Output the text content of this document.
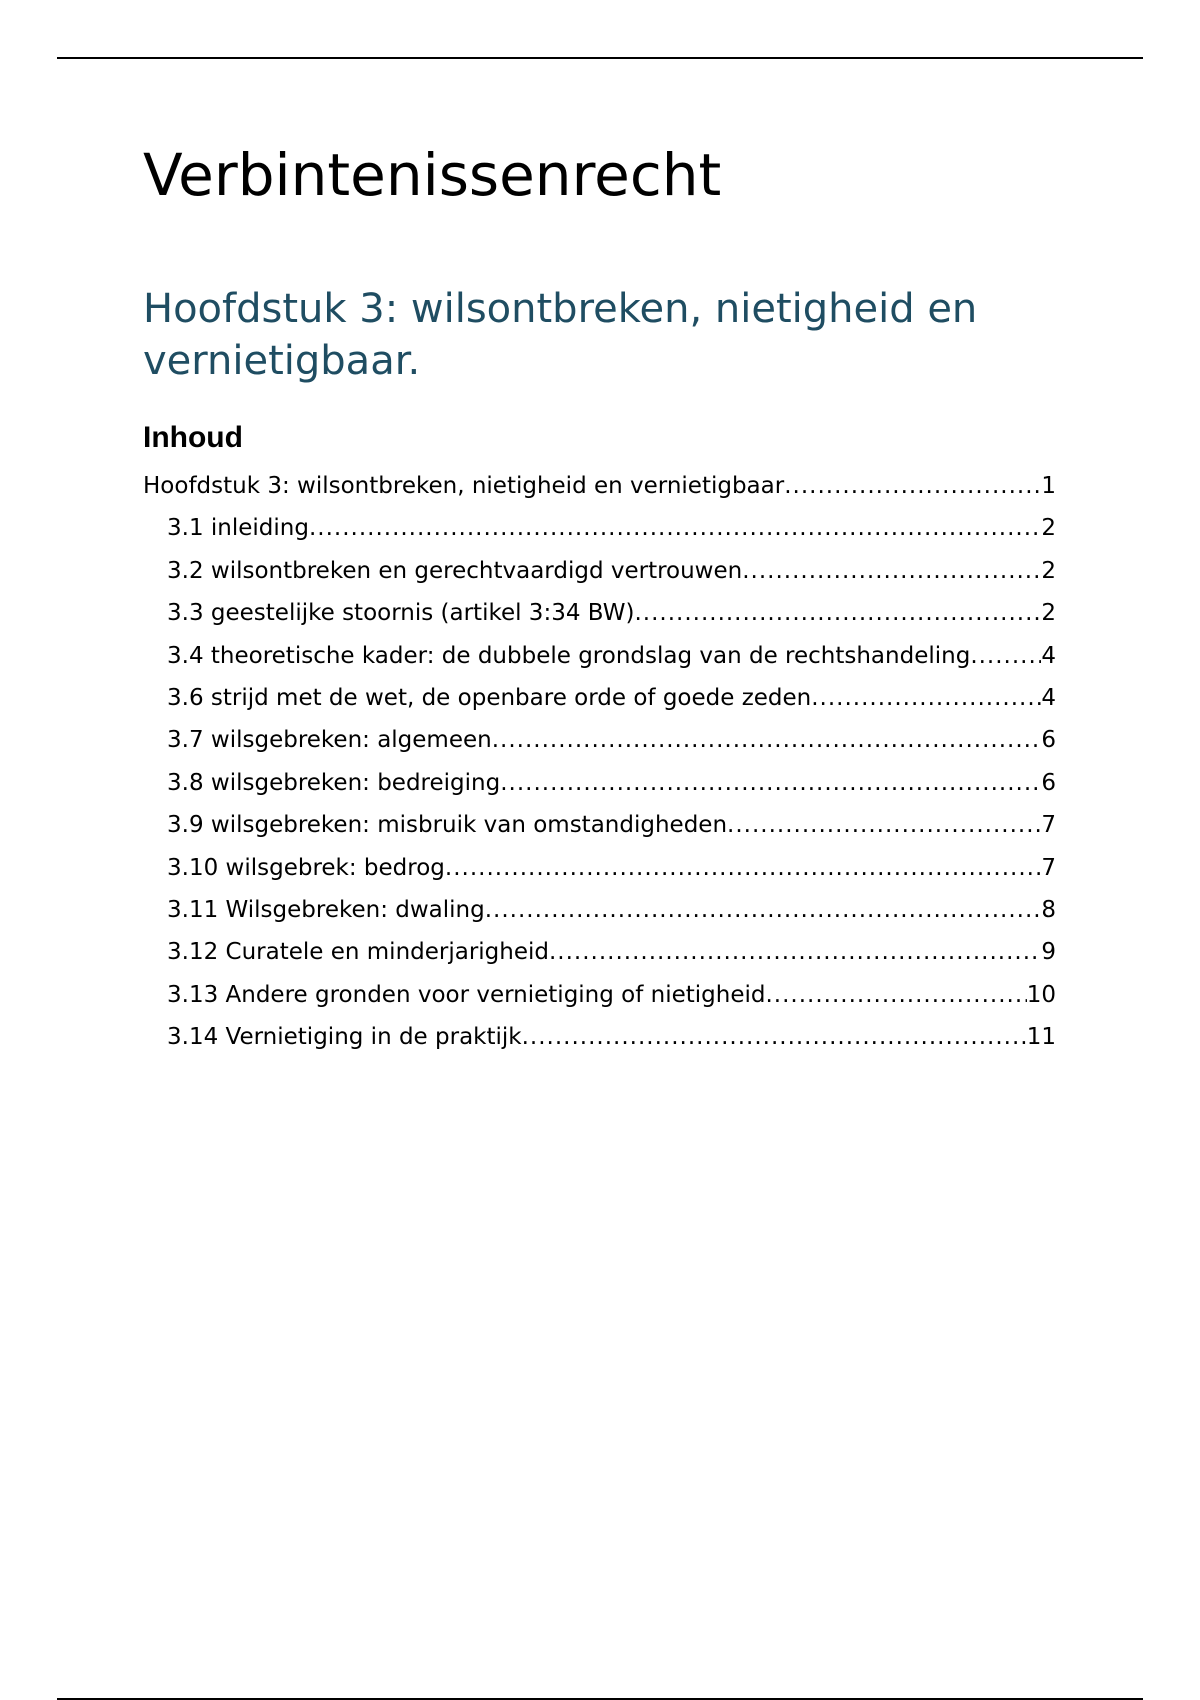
Verbintenissenrecht
Hoofdstuk 3: wilsontbreken, nietigheid en vernietigbaar.
Inhoud
Hoofdstuk 3: wilsontbreken, nietigheid en vernietigbaar .....	1
3.1 inleiding .....	2
3.2 wilsontbreken en gerechtvaardigd vertrouwen .....	2
3.3 geestelijke stoornis (artikel 3:34 BW) .....	2
3.4 theoretische kader: de dubbele grondslag van de rechtshandeling .....	4
3.6 strijd met de wet, de openbare orde of goede zeden .....	4
3.7 wilsgebreken: algemeen .....	6
3.8 wilsgebreken: bedreiging .....	6
3.9 wilsgebreken: misbruik van omstandigheden .....	7
3.10 wilsgebrek: bedrog .....	7
3.11 Wilsgebreken: dwaling .....	8
3.12 Curatele en minderjarigheid .....	9
3.13 Andere gronden voor vernietiging of nietigheid .....	10
3.14 Vernietiging in de praktijk .....	11
